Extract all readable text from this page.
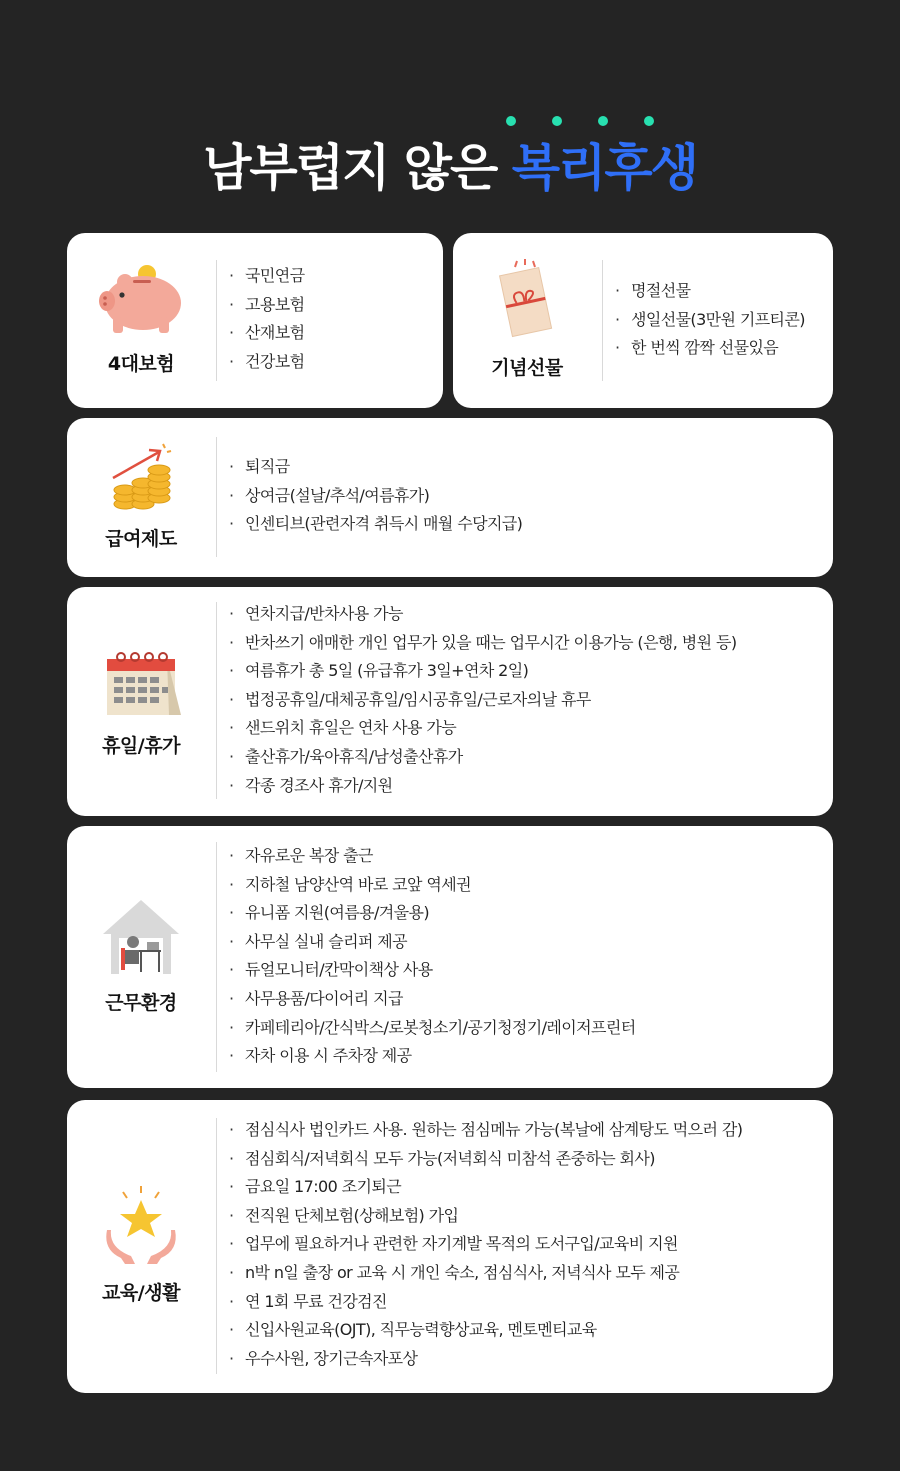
남부럽지 않은 복리후생
4대보험
· 국민연금
· 고용보험
· 산재보험
· 건강보험	기념선물
· 명절선물
· 생일선물(3만원 기프티콘)
· 한 번씩 깜짝 선물있음
급여제도
· 퇴직금
· 상여금(설날/추석/여름휴가)
· 인센티브(관련자격 취득시 매월 수당지급)
휴일/휴가
· 연차지급/반차사용 가능
· 반차쓰기 애매한 개인 업무가 있을 때는 업무시간 이용가능 (은행, 병원 등)
· 여름휴가 총 5일 (유급휴가 3일+연차 2일)
· 법정공휴일/대체공휴일/임시공휴일/근로자의날 휴무
· 샌드위치 휴일은 연차 사용 가능
· 출산휴가/육아휴직/남성출산휴가
· 각종 경조사 휴가/지원
근무환경
· 자유로운 복장 출근
· 지하철 남양산역 바로 코앞 역세권
· 유니폼 지원(여름용/겨울용)
· 사무실 실내 슬리퍼 제공
· 듀얼모니터/칸막이책상 사용
· 사무용품/다이어리 지급
· 카페테리아/간식박스/로봇청소기/공기청정기/레이저프린터
· 자차 이용 시 주차장 제공
교육/생활
· 점심식사 법인카드 사용. 원하는 점심메뉴 가능(복날에 삼계탕도 먹으러 감)
· 점심회식/저녁회식 모두 가능(저녁회식 미참석 존중하는 회사)
· 금요일 17:00 조기퇴근
· 전직원 단체보험(상해보험) 가입
· 업무에 필요하거나 관련한 자기계발 목적의 도서구입/교육비 지원
· n박 n일 출장 or 교육 시 개인 숙소, 점심식사, 저녁식사 모두 제공
· 연 1회 무료 건강검진
· 신입사원교육(OJT), 직무능력향상교육, 멘토멘티교육
· 우수사원, 장기근속자포상
